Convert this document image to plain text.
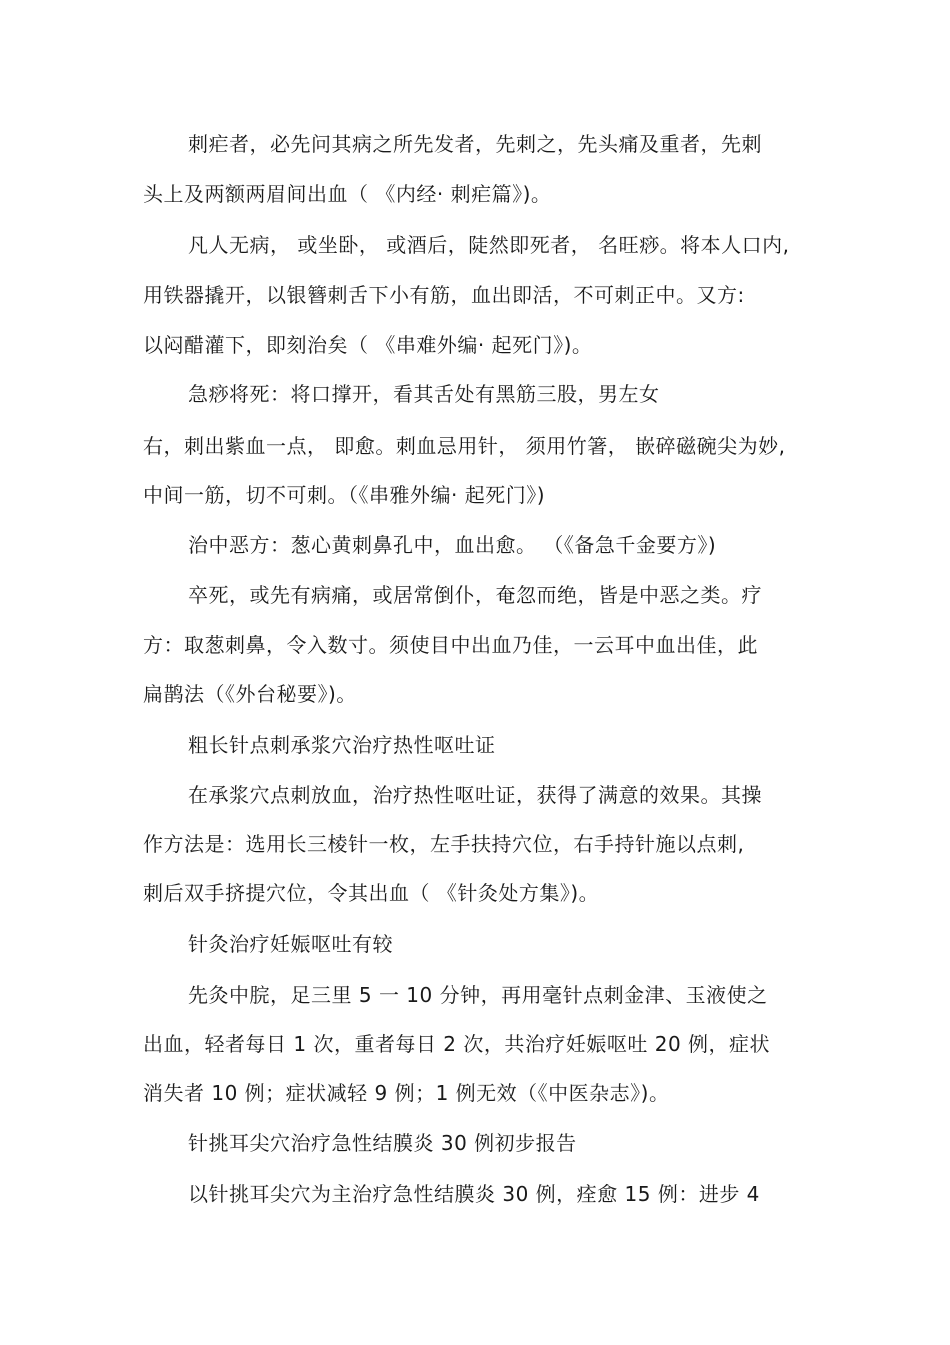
刺疟者，必先问其病之所先发者，先刺之，先头痛及重者，先刺
头上及两额两眉间出血（ 《内经· 刺疟篇》)。
凡人无病， 或坐卧， 或酒后，陡然即死者， 名旺痧。将本人口内,
用铁器撬开，以银簪刺舌下小有筋，血出即活，不可刺正中。又方:
以闷醋灌下，即刻治矣（ 《串难外编· 起死门》)。
急痧将死：将口撑开，看其舌处有黑筋三股，男左女
右，刺出紫血一点， 即愈。刺血忌用针， 须用竹箸， 嵌碎磁碗尖为妙,
中间一筋，切不可刺。（《串雅外编· 起死门》)
治中恶方：葱心黄刺鼻孔中，血出愈。 （《备急千金要方》)
卒死，或先有病痛，或居常倒仆，奄忽而绝，皆是中恶之类。疗
方：取葱刺鼻，令入数寸。须使目中出血乃佳，一云耳中血出佳，此
扁鹊法（《外台秘要》)。
粗长针点刺承浆穴治疗热性呕吐证
在承浆穴点刺放血，治疗热性呕吐证，获得了满意的效果。其操
作方法是：选用长三棱针一枚，左手扶持穴位，右手持针施以点刺,
刺后双手挤提穴位，令其出血（ 《针灸处方集》)。
针灸治疗妊娠呕吐有较
先灸中脘，足三里 5 一 10 分钟，再用毫针点刺金津、玉液使之
出血，轻者每日 1 次，重者每日 2 次，共治疗妊娠呕吐 20 例，症状
消失者 10 例；症状减轻 9 例；1 例无效（《中医杂志》)。
针挑耳尖穴治疗急性结膜炎 30 例初步报告
以针挑耳尖穴为主治疗急性结膜炎 30 例，痊愈 15 例：进步 4
